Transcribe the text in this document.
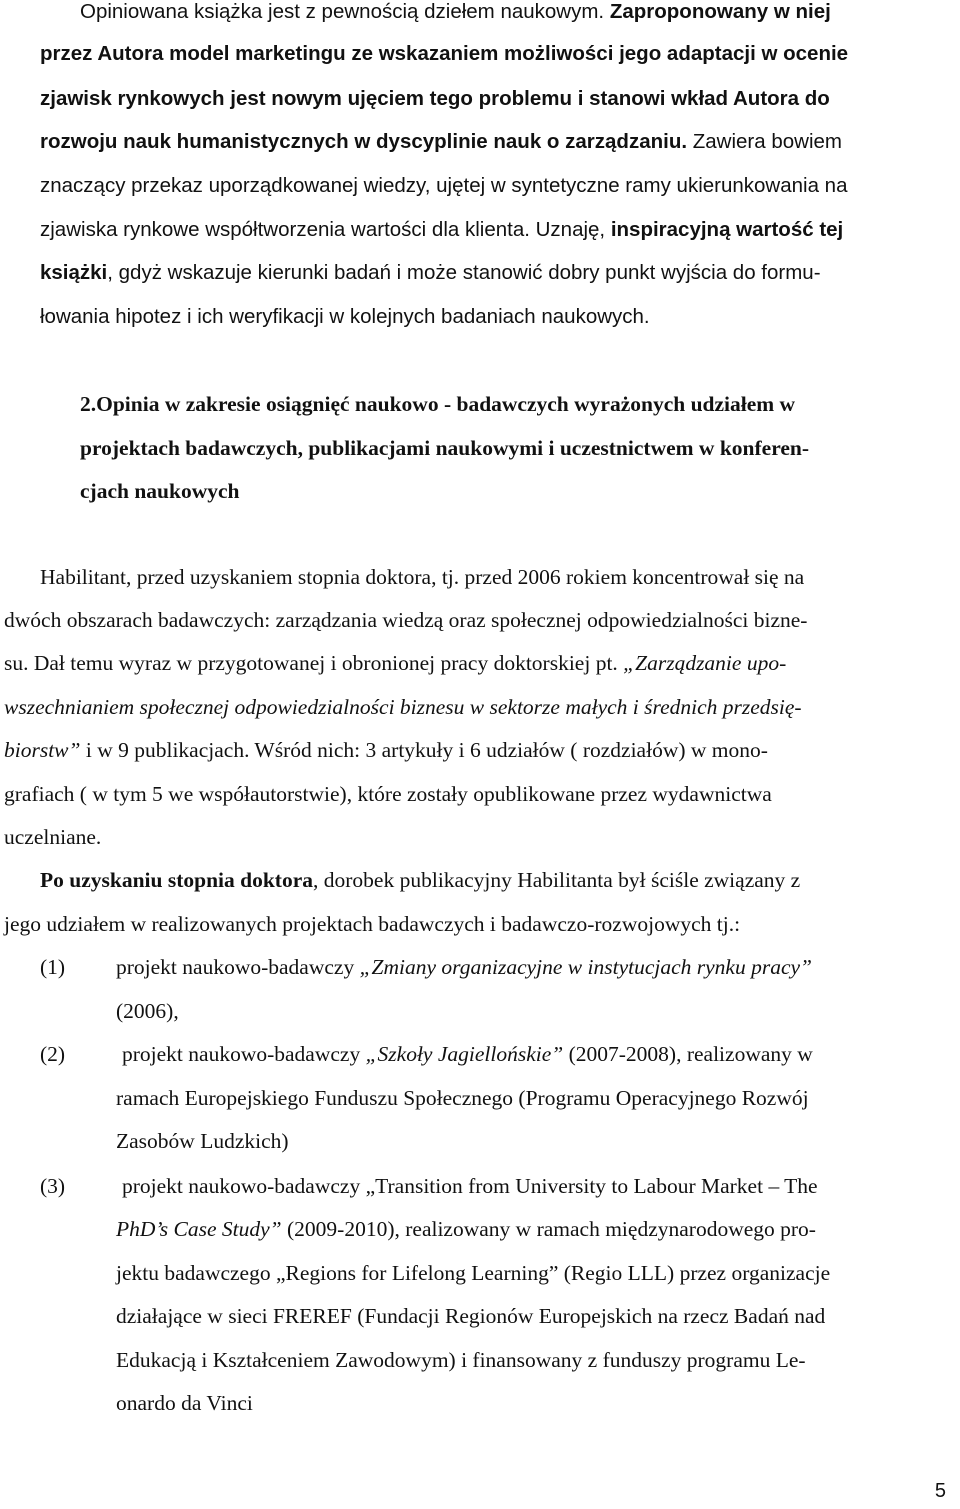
Opiniowana książka jest z pewnością dziełem naukowym. Zaproponowany w niej
przez Autora model marketingu ze wskazaniem możliwości jego adaptacji w ocenie
zjawisk rynkowych jest nowym ujęciem tego problemu i stanowi wkład Autora do
rozwoju nauk humanistycznych w dyscyplinie nauk o zarządzaniu. Zawiera bowiem
znaczący przekaz uporządkowanej wiedzy, ujętej w syntetyczne ramy ukierunkowania na
zjawiska rynkowe współtworzenia wartości dla klienta. Uznaję, inspiracyjną wartość tej
książki, gdyż wskazuje kierunki badań i może stanowić dobry punkt wyjścia do formu-
łowania hipotez i ich weryfikacji w kolejnych badaniach naukowych.
2.Opinia w zakresie osiągnięć naukowo - badawczych wyrażonych udziałem w
projektach badawczych, publikacjami naukowymi i uczestnictwem w konferen-
cjach naukowych
Habilitant, przed uzyskaniem stopnia doktora, tj. przed 2006 rokiem koncentrował się na
dwóch obszarach badawczych: zarządzania wiedzą oraz społecznej odpowiedzialności bizne-
su. Dał temu wyraz w przygotowanej i obronionej pracy doktorskiej pt. „Zarządzanie upo-
wszechnianiem społecznej odpowiedzialności biznesu w sektorze małych i średnich przedsię-
biorstw” i w 9 publikacjach. Wśród nich: 3 artykuły i 6 udziałów ( rozdziałów) w mono-
grafiach ( w tym 5 we współautorstwie), które zostały opublikowane przez wydawnictwa
uczelniane.
Po uzyskaniu stopnia doktora, dorobek publikacyjny Habilitanta był ściśle związany z
jego udziałem w realizowanych projektach badawczych i badawczo-rozwojowych tj.:
(1)	projekt naukowo-badawczy „Zmiany organizacyjne w instytucjach rynku pracy”
(2006),
(2)	projekt naukowo-badawczy „Szkoły Jagiellońskie” (2007-2008), realizowany w
ramach Europejskiego Funduszu Społecznego (Programu Operacyjnego Rozwój
Zasobów Ludzkich)
(3)	projekt naukowo-badawczy „Transition from University to Labour Market – The
PhD’s Case Study” (2009-2010), realizowany w ramach międzynarodowego pro-
jektu badawczego „Regions for Lifelong Learning” (Regio LLL) przez organizacje
działające w sieci FREREF (Fundacji Regionów Europejskich na rzecz Badań nad
Edukacją i Kształceniem Zawodowym) i finansowany z funduszy programu Le-
onardo da Vinci
5
